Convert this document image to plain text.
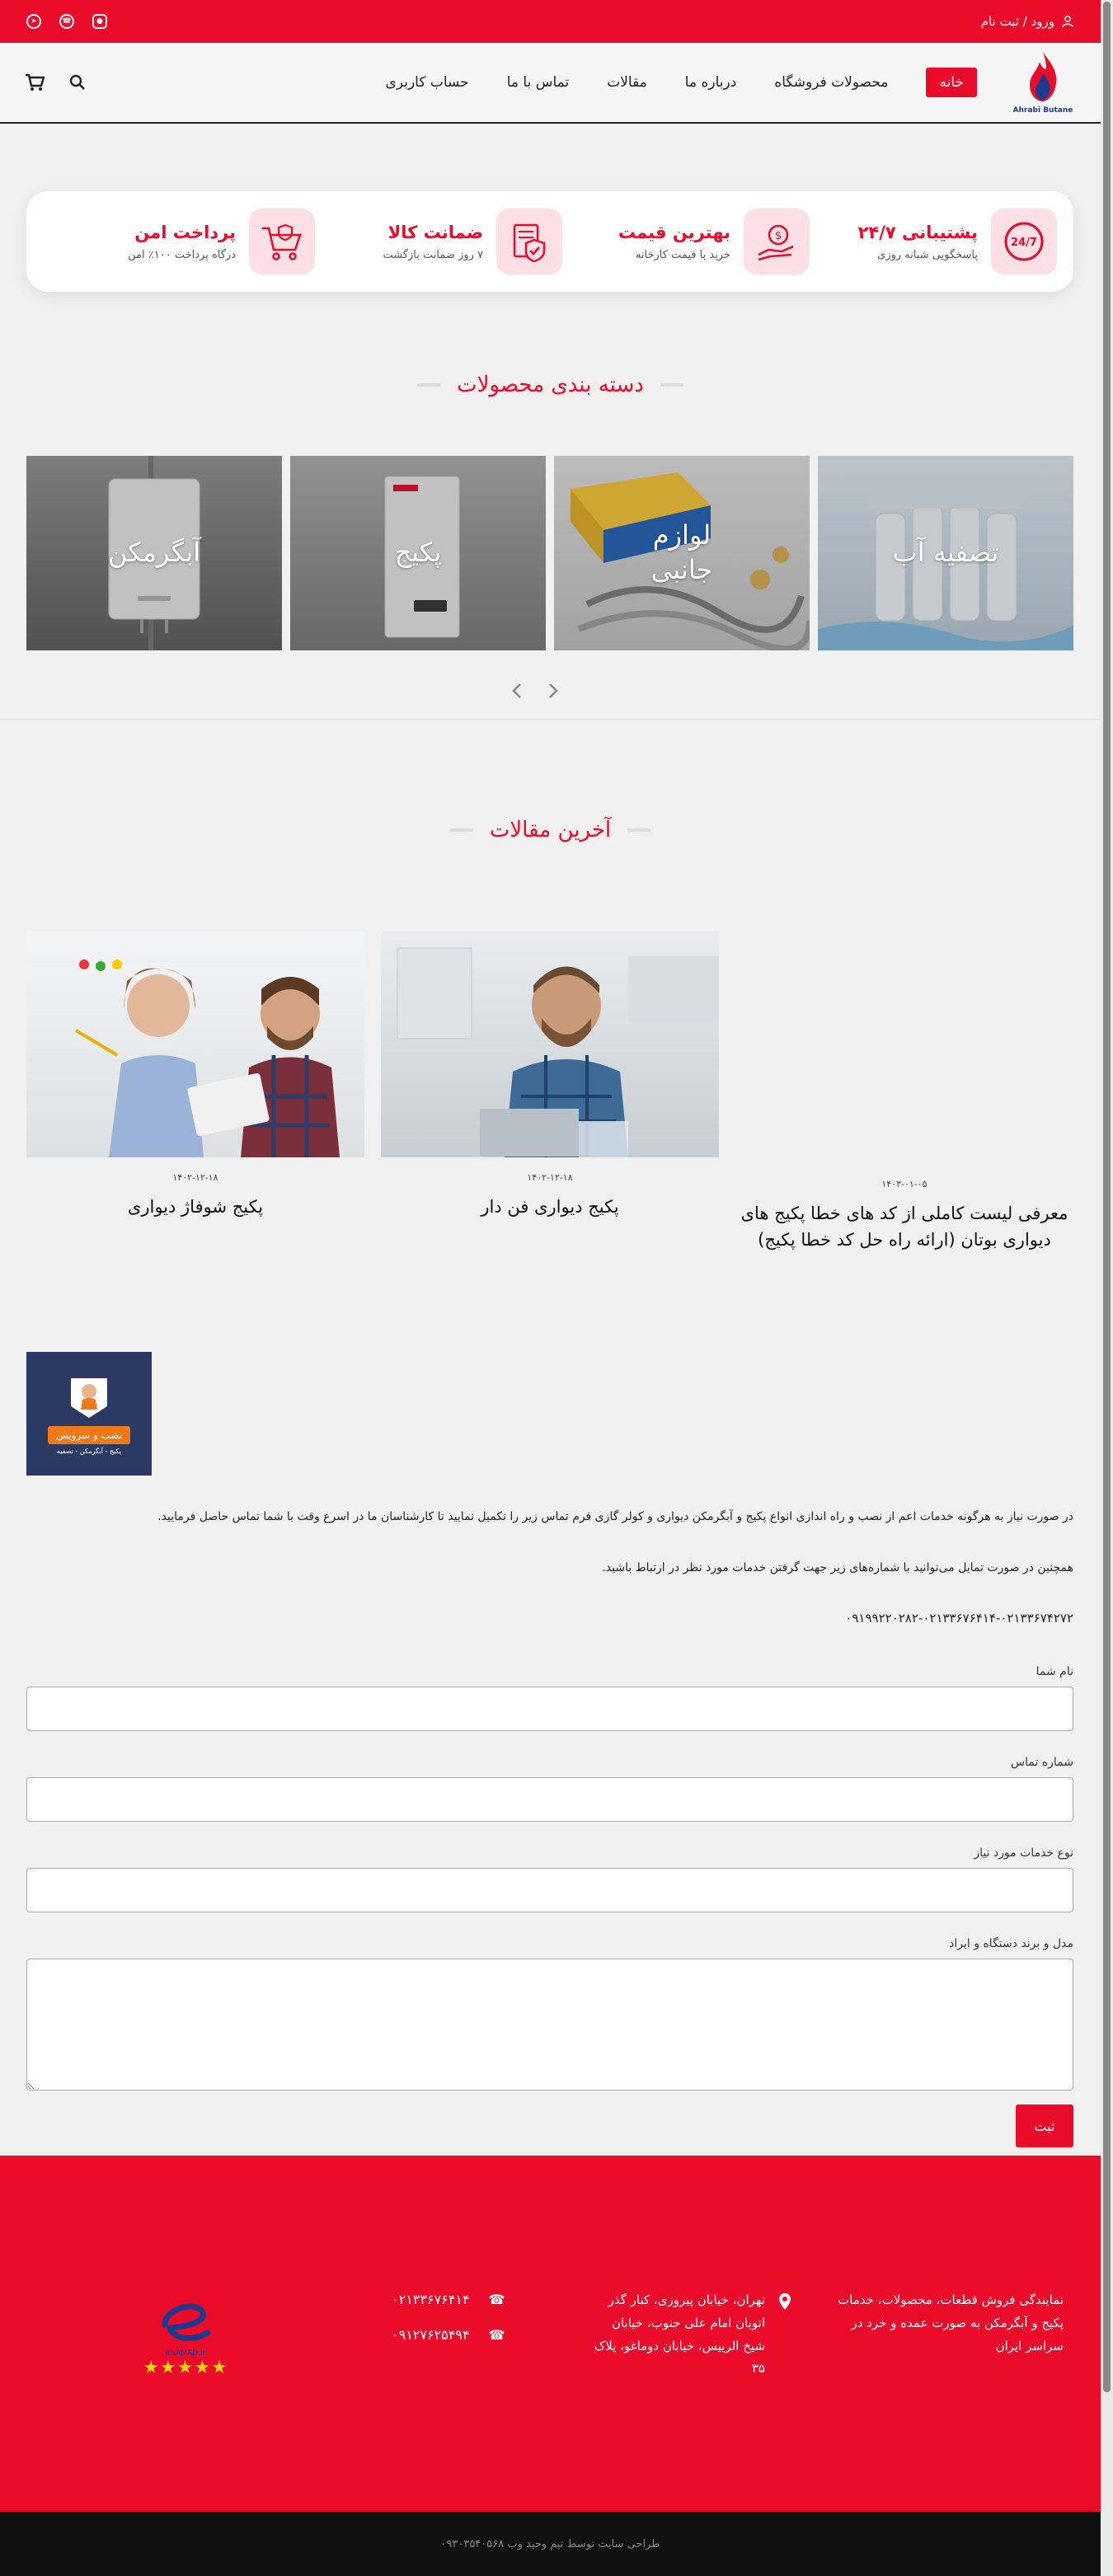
ورود / ثبت نام
➤	☎	●
Ahrabi Butane
خانه
محصولات فروشگاه
درباره ما
مقالات
تماس با ما
حساب کاربری
24/7
پشتیبانی ۲۴/۷
پاسخگویی شبانه روزی
$
بهترین قیمت
خرید با قیمت کارخانه
ضمانت کالا
۷ روز ضمانت بازگشت
پرداخت امن
درگاه پرداخت ۱۰۰٪ امن
دسته بندی محصولات
تصفیه آب
لوازم جانبی
پکیج
آبگرمکن
آخرین مقالات
۱۴۰۳-۰۱-۰۵
معرفی لیست کاملی از کد های خطا پکیج های دیواری بوتان (ارائه راه حل کد خطا پکیج)
۱۴۰۲-۱۲-۱۸
پکیج دیواری فن دار
۱۴۰۲-۱۲-۱۸
پکیج شوفاژ دیواری
نصب و سرویس
پکیج - آبگرمکن - تصفیه
در صورت نیاز به هرگونه خدمات اعم از نصب و راه اندازی انواع پکیج و آبگرمکن دیواری و کولر گازی فرم تماس زیر را تکمیل نمایید تا کارشناسان ما در اسرع وقت با شما تماس حاصل فرمایید.
همچنین در صورت تمایل می‌توانید با شماره‌های زیر جهت گرفتن خدمات مورد نظر در ارتباط باشید.
۰۹۱۹۹۲۲۰۲۸۲-۰۲۱۳۳۶۷۶۴۱۴-۰۲۱۳۳۶۷۴۲۷۲
نام شما
شماره تماس
نوع خدمات مورد نیاز
مدل و برند دستگاه و ایراد
ثبت
نمایندگی فروش قطعات، محصولات، خدمات پکیج و آبگرمکن به صورت عمده و خرد در سراسر ایران
تهران، خیابان پیروزی، کنار گذر اتوبان امام علی جنوب، خیابان شیخ الرییس، خیابان دوماغو، پلاک ۳۵
۰۲۱۳۳۶۷۶۴۱۴ ☎
۰۹۱۲۷۶۲۵۴۹۴ ☎
eNAMAD.ir
★★★★★
طراحی سایت توسط تیم وحید وب ۰۹۳۰۳۵۴۰۵۶۸
